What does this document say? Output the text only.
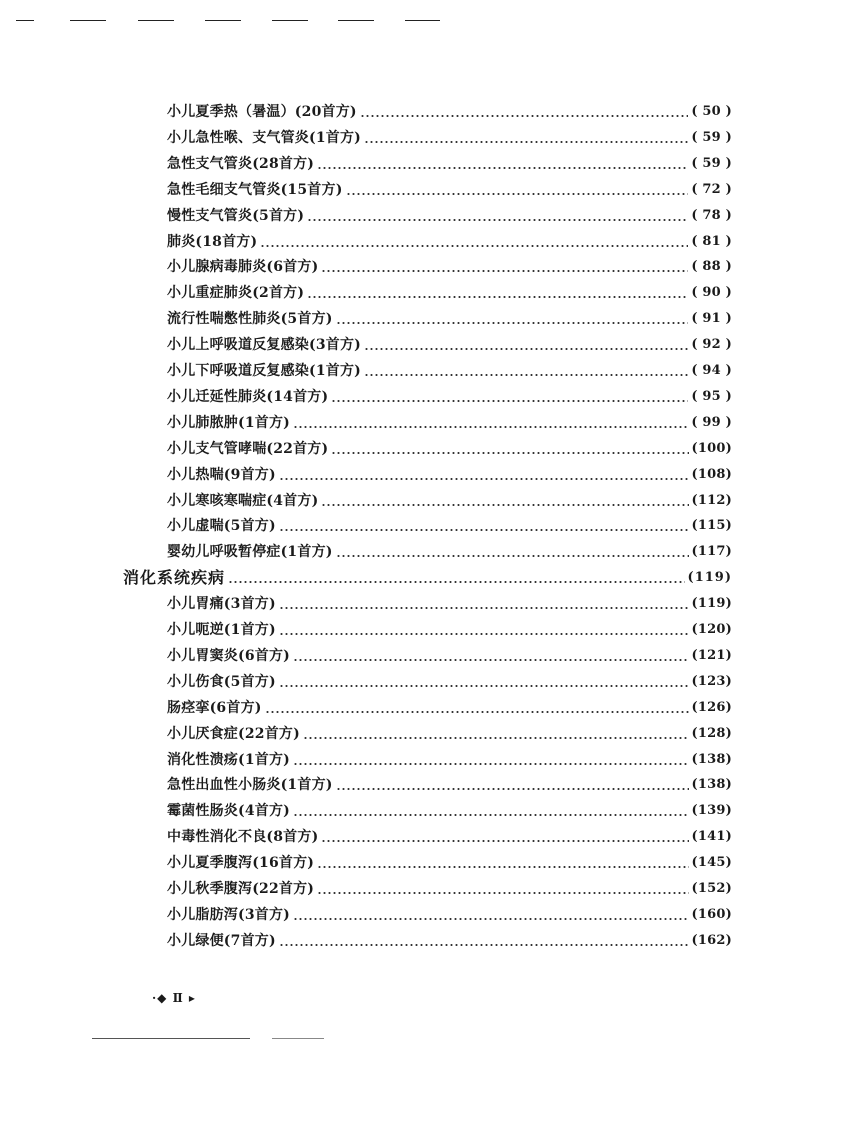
小儿夏季热（暑温）(20首方)	( 50 )
小儿急性喉、支气管炎(1首方)	( 59 )
急性支气管炎(28首方)	( 59 )
急性毛细支气管炎(15首方)	( 72 )
慢性支气管炎(5首方)	( 78 )
肺炎(18首方)	( 81 )
小儿腺病毒肺炎(6首方)	( 88 )
小儿重症肺炎(2首方)	( 90 )
流行性喘憋性肺炎(5首方)	( 91 )
小儿上呼吸道反复感染(3首方)	( 92 )
小儿下呼吸道反复感染(1首方)	( 94 )
小儿迁延性肺炎(14首方)	( 95 )
小儿肺脓肿(1首方)	( 99 )
小儿支气管哮喘(22首方)	(100)
小儿热喘(9首方)	(108)
小儿寒咳寒喘症(4首方)	(112)
小儿虚喘(5首方)	(115)
婴幼儿呼吸暂停症(1首方)	(117)
消化系统疾病	(119)
小儿胃痛(3首方)	(119)
小儿呃逆(1首方)	(120)
小儿胃窦炎(6首方)	(121)
小儿伤食(5首方)	(123)
肠痉挛(6首方)	(126)
小儿厌食症(22首方)	(128)
消化性溃疡(1首方)	(138)
急性出血性小肠炎(1首方)	(138)
霉菌性肠炎(4首方)	(139)
中毒性消化不良(8首方)	(141)
小儿夏季腹泻(16首方)	(145)
小儿秋季腹泻(22首方)	(152)
小儿脂肪泻(3首方)	(160)
小儿绿便(7首方)	(162)
·◆ Ⅱ ▸
